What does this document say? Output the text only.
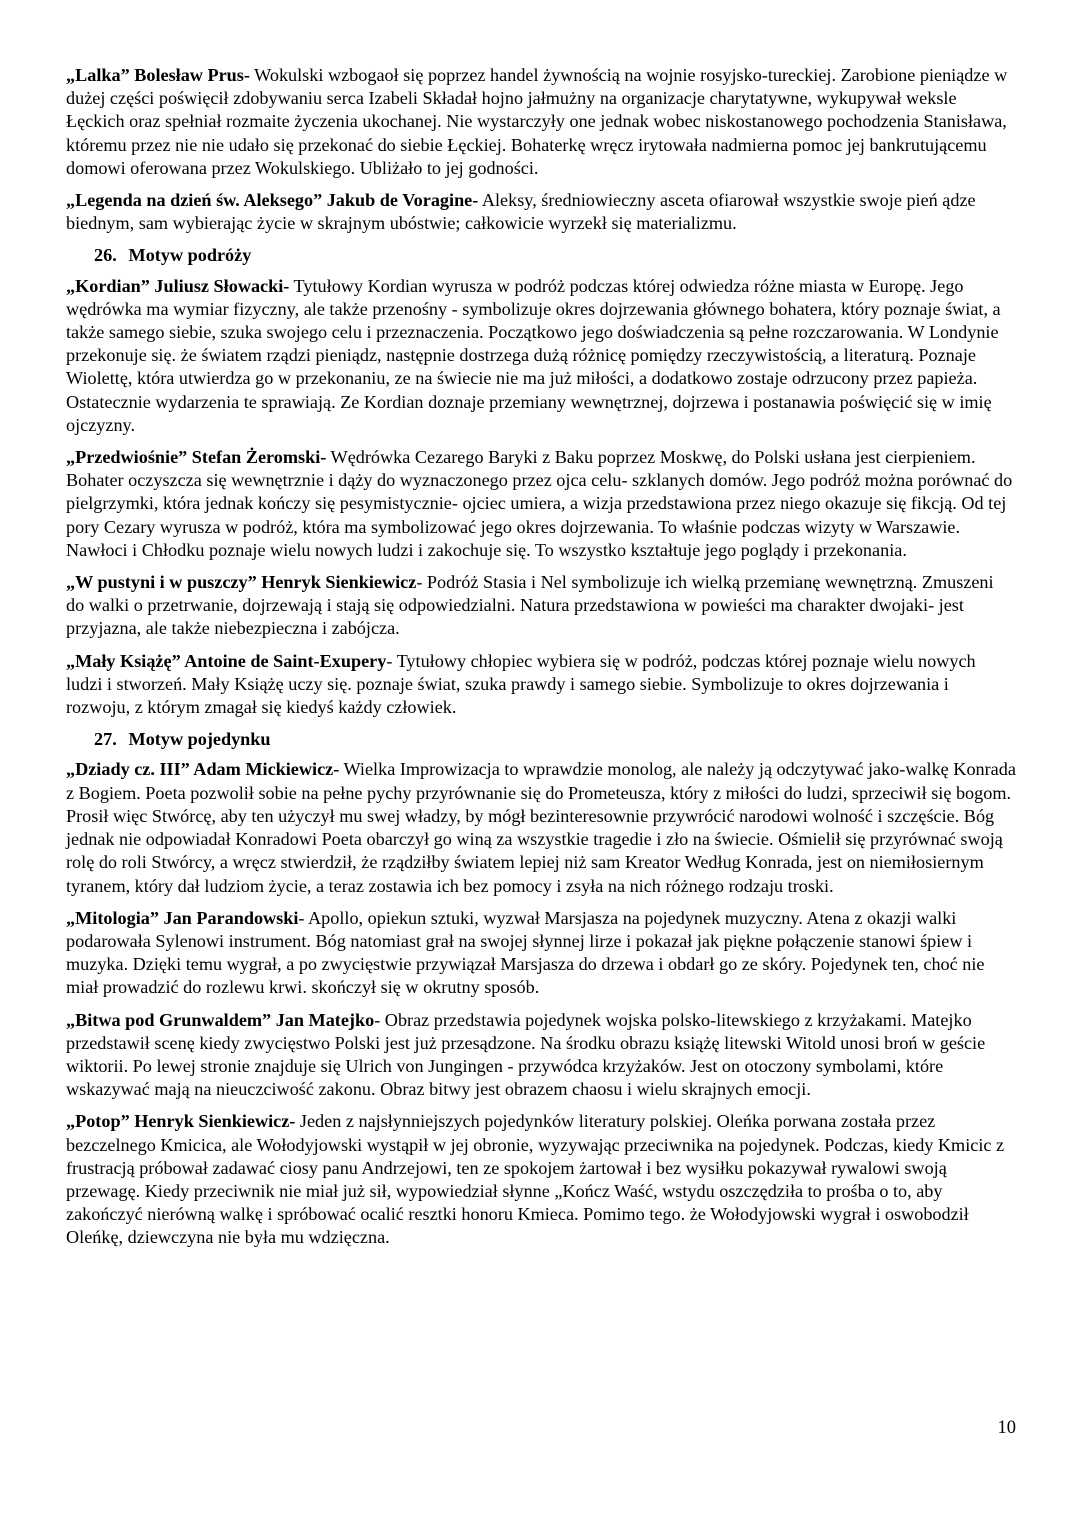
„Lalka” Bolesław Prus- Wokulski wzbogaoł się poprzez handel żywnością na wojnie rosyjsko-tureckiej. Zarobione pieniądze w dużej części poświęcił zdobywaniu serca Izabeli Składał hojno jałmużny na organizacje charytatywne, wykupywał weksle Łęckich oraz spełniał rozmaite życzenia ukochanej. Nie wystarczyły one jednak wobec niskostanowego pochodzenia Stanisława, któremu przez nie nie udało się przekonać do siebie Łęckiej. Bohaterkę wręcz irytowała nadmierna pomoc jej bankrutującemu domowi oferowana przez Wokulskiego. Ubliżało to jej godności.

„Legenda na dzień św. Aleksego” Jakub de Voragine- Aleksy, średniowieczny asceta ofiarował wszystkie swoje pień ądze biednym, sam wybierając życie w skrajnym ubóstwie; całkowicie wyrzekł się materializmu.

26. Motyw podróży

„Kordian” Juliusz Słowacki- Tytułowy Kordian wyrusza w podróż podczas której odwiedza różne miasta w Europę. Jego wędrówka ma wymiar fizyczny, ale także przenośny - symbolizuje okres dojrzewania głównego bohatera, który poznaje świat, a także samego siebie, szuka swojego celu i przeznaczenia. Początkowo jego doświadczenia są pełne rozczarowania. W Londynie przekonuje się. że światem rządzi pieniądz, następnie dostrzega dużą różnicę pomiędzy rzeczywistością, a literaturą. Poznaje Wiolettę, która utwierdza go w przekonaniu, ze na świecie nie ma już miłości, a dodatkowo zostaje odrzucony przez papieża. Ostatecznie wydarzenia te sprawiają. Ze Kordian doznaje przemiany wewnętrznej, dojrzewa i postanawia poświęcić się w imię ojczyzny.

„Przedwiośnie” Stefan Żeromski- Wędrówka Cezarego Baryki z Baku poprzez Moskwę, do Polski usłana jest cierpieniem. Bohater oczyszcza się wewnętrznie i dąży do wyznaczonego przez ojca celu- szklanych domów. Jego podróż można porównać do pielgrzymki, która jednak kończy się pesymistycznie- ojciec umiera, a wizja przedstawiona przez niego okazuje się fikcją. Od tej pory Cezary wyrusza w podróż, która ma symbolizować jego okres dojrzewania. To właśnie podczas wizyty w Warszawie. Nawłoci i Chłodku poznaje wielu nowych ludzi i zakochuje się. To wszystko kształtuje jego poglądy i przekonania.

„W pustyni i w puszczy” Henryk Sienkiewicz- Podróż Stasia i Nel symbolizuje ich wielką przemianę wewnętrzną. Zmuszeni do walki o przetrwanie, dojrzewają i stają się odpowiedzialni. Natura przedstawiona w powieści ma charakter dwojaki- jest przyjazna, ale także niebezpieczna i zabójcza.

„Mały Książę” Antoine de Saint-Exupery- Tytułowy chłopiec wybiera się w podróż, podczas której poznaje wielu nowych ludzi i stworzeń. Mały Książę uczy się. poznaje świat, szuka prawdy i samego siebie. Symbolizuje to okres dojrzewania i rozwoju, z którym zmagał się kiedyś każdy człowiek.

27. Motyw pojedynku

„Dziady cz. III” Adam Mickiewicz- Wielka Improwizacja to wprawdzie monolog, ale należy ją odczytywać jako-walkę Konrada z Bogiem. Poeta pozwolił sobie na pełne pychy przyrównanie się do Prometeusza, który z miłości do ludzi, sprzeciwił się bogom. Prosił więc Stwórcę, aby ten użyczył mu swej władzy, by mógł bezinteresownie przywrócić narodowi wolność i szczęście. Bóg jednak nie odpowiadał Konradowi Poeta obarczył go winą za wszystkie tragedie i zło na świecie. Ośmielił się przyrównać swoją rolę do roli Stwórcy, a wręcz stwierdził, że rządziłby światem lepiej niż sam Kreator Według Konrada, jest on niemiłosiernym tyranem, który dał ludziom życie, a teraz zostawia ich bez pomocy i zsyła na nich różnego rodzaju troski.

„Mitologia” Jan Parandowski- Apollo, opiekun sztuki, wyzwał Marsjasza na pojedynek muzyczny. Atena z okazji walki podarowała Sylenowi instrument. Bóg natomiast grał na swojej słynnej lirze i pokazał jak piękne połączenie stanowi śpiew i muzyka. Dzięki temu wygrał, a po zwycięstwie przywiązał Marsjasza do drzewa i obdarł go ze skóry. Pojedynek ten, choć nie miał prowadzić do rozlewu krwi. skończył się w okrutny sposób.

„Bitwa pod Grunwaldem” Jan Matejko- Obraz przedstawia pojedynek wojska polsko-litewskiego z krzyżakami. Matejko przedstawił scenę kiedy zwycięstwo Polski jest już przesądzone. Na środku obrazu książę litewski Witold unosi broń w geście wiktorii. Po lewej stronie znajduje się Ulrich von Jungingen - przywódca krzyżaków. Jest on otoczony symbolami, które wskazywać mają na nieuczciwość zakonu. Obraz bitwy jest obrazem chaosu i wielu skrajnych emocji.

„Potop” Henryk Sienkiewicz- Jeden z najsłynniejszych pojedynków literatury polskiej. Oleńka porwana została przez bezczelnego Kmicica, ale Wołodyjowski wystąpił w jej obronie, wyzywając przeciwnika na pojedynek. Podczas, kiedy Kmicic z frustracją próbował zadawać ciosy panu Andrzejowi, ten ze spokojem żartował i bez wysiłku pokazywał rywalowi swoją przewagę. Kiedy przeciwnik nie miał już sił, wypowiedział słynne „Kończ Waść, wstydu oszczędziła to prośba o to, aby zakończyć nierówną walkę i spróbować ocalić resztki honoru Kmieca. Pomimo tego. że Wołodyjowski wygrał i oswobodził Oleńkę, dziewczyna nie była mu wdzięczna.

10
